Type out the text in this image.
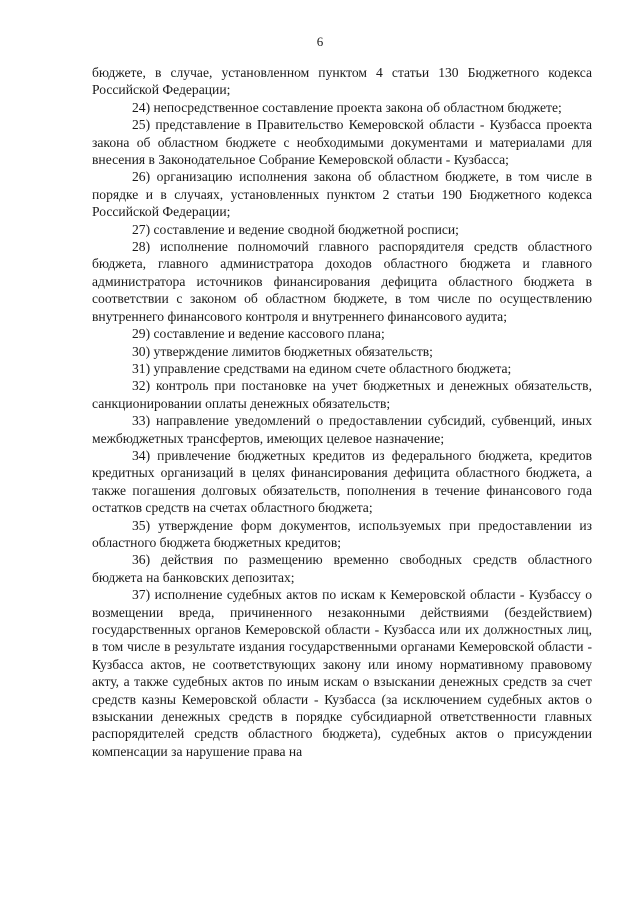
6

бюджете, в случае, установленном пунктом 4 статьи 130 Бюджетного кодекса Российской Федерации;

24) непосредственное составление проекта закона об областном бюджете;

25) представление в Правительство Кемеровской области - Кузбасса проекта закона об областном бюджете с необходимыми документами и материалами для внесения в Законодательное Собрание Кемеровской области - Кузбасса;

26) организацию исполнения закона об областном бюджете, в том числе в порядке и в случаях, установленных пунктом 2 статьи 190 Бюджетного кодекса Российской Федерации;

27) составление и ведение сводной бюджетной росписи;

28) исполнение полномочий главного распорядителя средств областного бюджета, главного администратора доходов областного бюджета и главного администратора источников финансирования дефицита областного бюджета в соответствии с законом об областном бюджете, в том числе по осуществлению внутреннего финансового контроля и внутреннего финансового аудита;

29) составление и ведение кассового плана;

30) утверждение лимитов бюджетных обязательств;

31) управление средствами на едином счете областного бюджета;

32) контроль при постановке на учет бюджетных и денежных обязательств, санкционировании оплаты денежных обязательств;

33) направление уведомлений о предоставлении субсидий, субвенций, иных межбюджетных трансфертов, имеющих целевое назначение;

34) привлечение бюджетных кредитов из федерального бюджета, кредитов кредитных организаций в целях финансирования дефицита областного бюджета, а также погашения долговых обязательств, пополнения в течение финансового года остатков средств на счетах областного бюджета;

35) утверждение форм документов, используемых при предоставлении из областного бюджета бюджетных кредитов;

36) действия по размещению временно свободных средств областного бюджета на банковских депозитах;

37) исполнение судебных актов по искам к Кемеровской области - Кузбассу о возмещении вреда, причиненного незаконными действиями (бездействием) государственных органов Кемеровской области - Кузбасса или их должностных лиц, в том числе в результате издания государственными органами Кемеровской области - Кузбасса актов, не соответствующих закону или иному нормативному правовому акту, а также судебных актов по иным искам о взыскании денежных средств за счет средств казны Кемеровской области - Кузбасса (за исключением судебных актов о взыскании денежных средств в порядке субсидиарной ответственности главных распорядителей средств областного бюджета), судебных актов о присуждении компенсации за нарушение права на
